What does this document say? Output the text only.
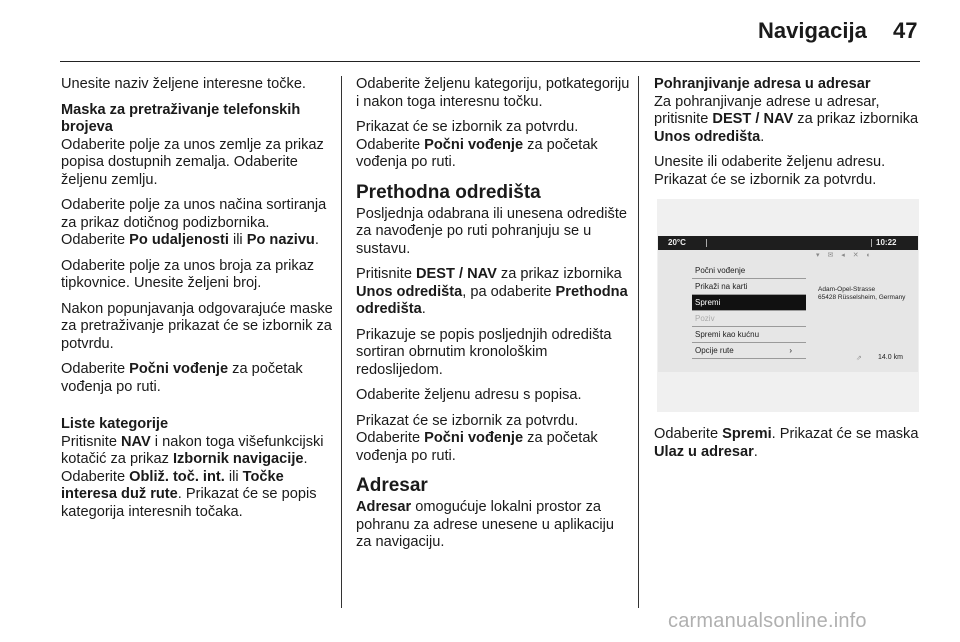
Navigacija 47

Unesite naziv željene interesne točke.

Maska za pretraživanje telefonskih brojeva

Odaberite polje za unos zemlje za prikaz popisa dostupnih zemalja. Odaberite željenu zemlju.

Odaberite polje za unos načina sortiranja za prikaz dotičnog podizbornika. Odaberite Po udaljenosti ili Po nazivu.

Odaberite polje za unos broja za prikaz tipkovnice. Unesite željeni broj.

Nakon popunjavanja odgovarajuće maske za pretraživanje prikazat će se izbornik za potvrdu.

Odaberite Počni vođenje za početak vođenja po ruti.

Liste kategorije

Pritisnite NAV i nakon toga višefunkcijski kotačić za prikaz Izbornik navigacije. Odaberite Obliž. toč. int. ili Točke interesa duž rute. Prikazat će se popis kategorija interesnih točaka.

Odaberite željenu kategoriju, potkategoriju i nakon toga interesnu točku.

Prikazat će se izbornik za potvrdu. Odaberite Počni vođenje za početak vođenja po ruti.

Prethodna odredišta

Posljednja odabrana ili unesena odredište za navođenje po ruti pohranjuju se u sustavu.

Pritisnite DEST / NAV za prikaz izbornika Unos odredišta, pa odaberite Prethodna odredišta.

Prikazuje se popis posljednjih odredišta sortiran obrnutim kronološkim redoslijedom.

Odaberite željenu adresu s popisa.

Prikazat će se izbornik za potvrdu. Odaberite Počni vođenje za početak vođenja po ruti.

Adresar

Adresar omogućuje lokalni prostor za pohranu za adrese unesene u aplikaciju za navigaciju.

Pohranjivanje adresa u adresar

Za pohranjivanje adrese u adresar, pritisnite DEST / NAV za prikaz izbornika Unos odredišta.

Unesite ili odaberite željenu adresu. Prikazat će se izbornik za potvrdu.

Odaberite Spremi. Prikazat će se maska Ulaz u adresar.

20°C	10:22
▾ ✉ ◂ ✕ ◐
Počni vođenje
Prikaži na karti
Spremi
Poziv
Spremi kao kućnu
Opcije rute	›
Adam-Opel-Strasse
65428 Rüsselsheim, Germany
⇗ 14.0 km
carmanualsonline.info
